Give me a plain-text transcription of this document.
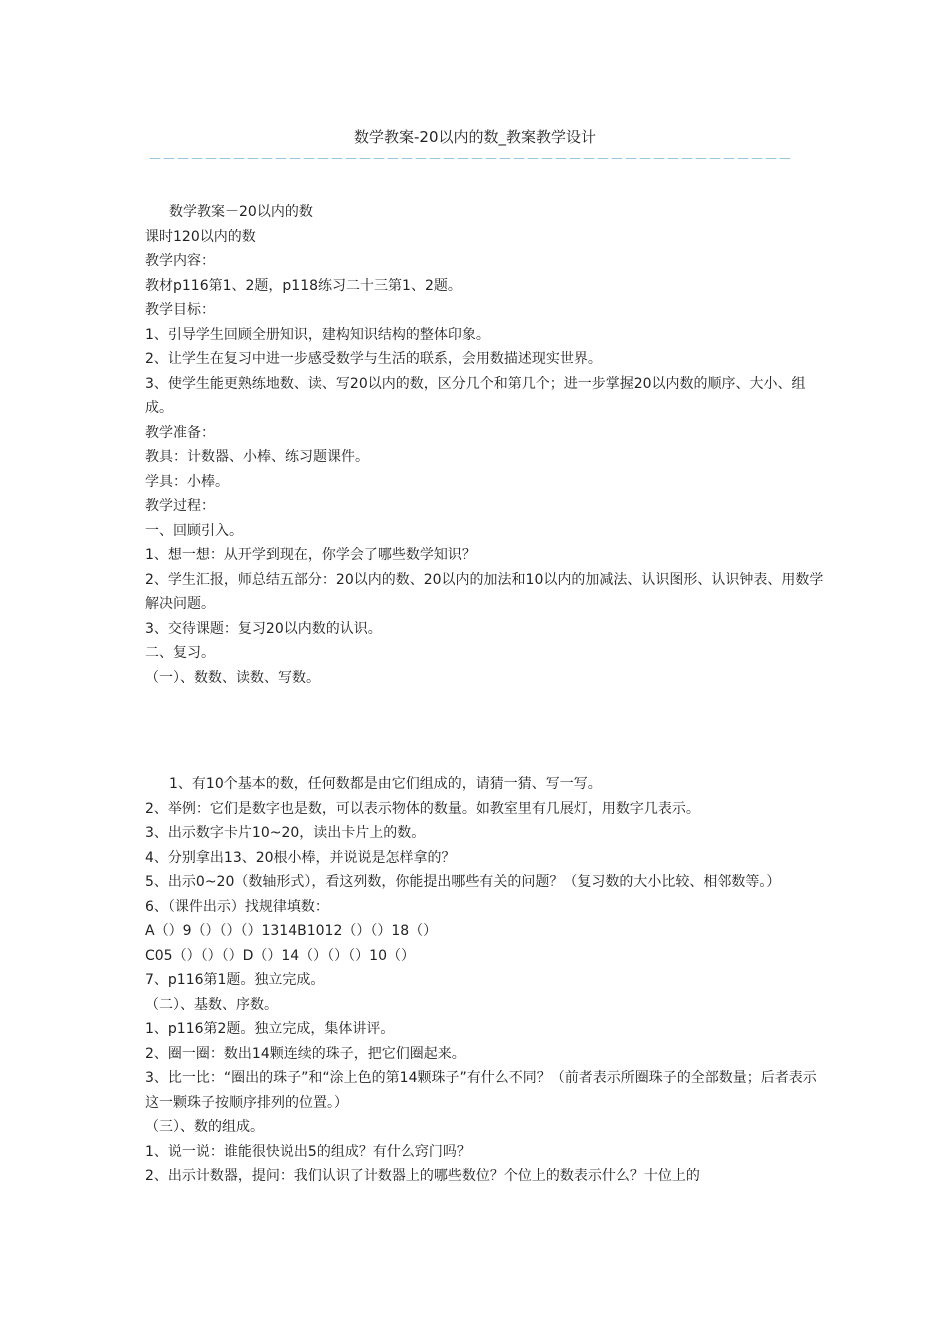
数学教案-20以内的数_教案教学设计
－－－－－－－－－－－－－－－－－－－－－－－－－－－－－－－－－－－－－－－－－－－－－－

数学教案－20以内的数

课时120以内的数

教学内容：

教材p116第1、2题，p118练习二十三第1、2题。

教学目标：

1、引导学生回顾全册知识，建构知识结构的整体印象。

2、让学生在复习中进一步感受数学与生活的联系，会用数描述现实世界。

3、使学生能更熟练地数、读、写20以内的数，区分几个和第几个；进一步掌握20以内数的顺序、大小、组成。

教学准备：

教具：计数器、小棒、练习题课件。

学具：小棒。

教学过程：

一、回顾引入。

1、想一想：从开学到现在，你学会了哪些数学知识？

2、学生汇报，师总结五部分：20以内的数、20以内的加法和10以内的加减法、认识图形、认识钟表、用数学解决问题。

3、交待课题：复习20以内数的认识。

二、复习。

（一）、数数、读数、写数。

1、有10个基本的数，任何数都是由它们组成的，请猜一猜、写一写。

2、举例：它们是数字也是数，可以表示物体的数量。如教室里有几展灯，用数字几表示。

3、出示数字卡片10~20，读出卡片上的数。

4、分别拿出13、20根小棒，并说说是怎样拿的？

5、出示0~20（数轴形式），看这列数，你能提出哪些有关的问题？（复习数的大小比较、相邻数等。）

6、（课件出示）找规律填数：

A（）9（）（）（）1314B1012（）（）18（）

C05（）（）（）D（）14（）（）（）10（）

7、p116第1题。独立完成。

（二）、基数、序数。

1、p116第2题。独立完成，集体讲评。

2、圈一圈：数出14颗连续的珠子，把它们圈起来。

3、比一比：“圈出的珠子”和“涂上色的第14颗珠子”有什么不同？（前者表示所圈珠子的全部数量；后者表示这一颗珠子按顺序排列的位置。）

（三）、数的组成。

1、说一说：谁能很快说出5的组成？有什么窍门吗？

2、出示计数器，提问：我们认识了计数器上的哪些数位？个位上的数表示什么？十位上的
